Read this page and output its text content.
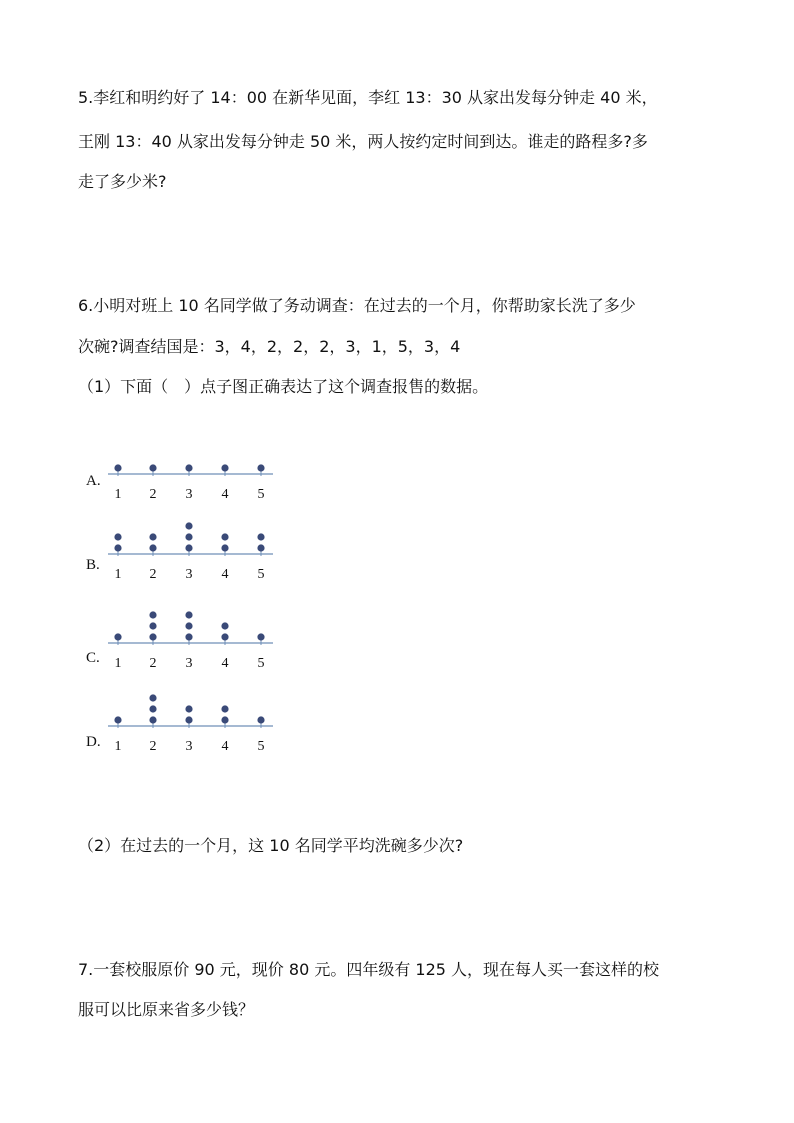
5.李红和明约好了 14：00 在新华见面，李红 13：30 从家出发每分钟走 40 米，
王刚 13：40 从家出发每分钟走 50 米，两人按约定时间到达。谁走的路程多?多
走了多少米?
6.小明对班上 10 名同学做了务动调查：在过去的一个月，你帮助家长洗了多少
次碗?调查结国是：3，4，2，2，2，3，1，5，3，4
（1）下面（　）点子图正确表达了这个调查报售的数据。
A.
1 2 3 4 5
B.
1 2 3 4 5
C. 1 2 3 4 5
D. 1 2 3 4 5
（2）在过去的一个月，这 10 名同学平均洗碗多少次?
7.一套校服原价 90 元，现价 80 元。四年级有 125 人，现在每人买一套这样的校
服可以比原来省多少钱？
